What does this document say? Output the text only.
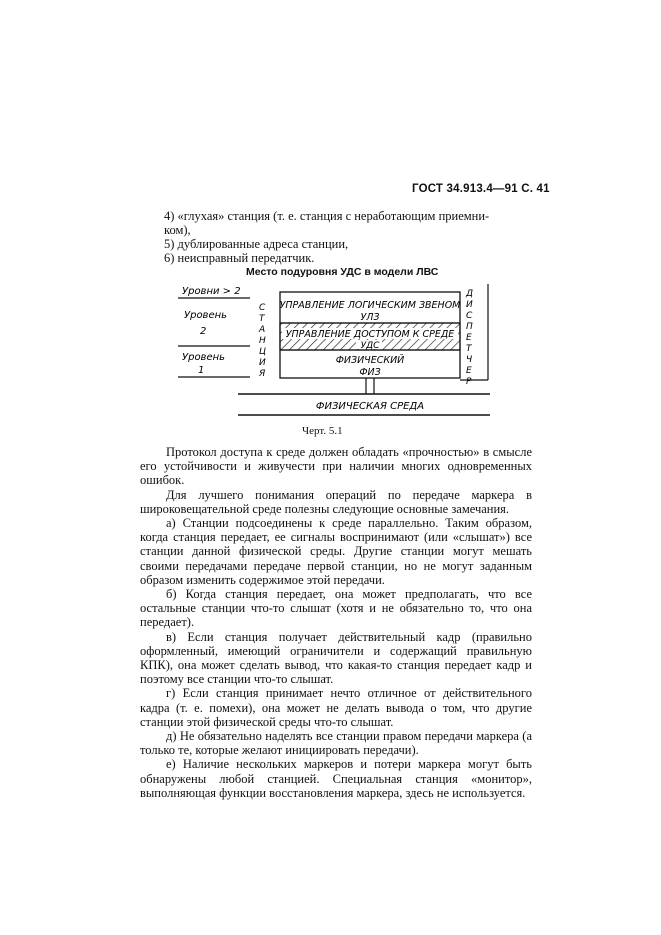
ГОСТ 34.913.4—91 С. 41
4) «глухая» станция (т. е. станция с неработающим приемни-
ком),
5) дублированные адреса станции,
6) неисправный передатчик.
Место подуровня УДС в модели ЛВС
Уровни > 2
Уровень
2
Уровень
1
С
Т
А
Н
Ц
И
Я
УПРАВЛЕНИЕ ЛОГИЧЕСКИМ ЗВЕНОМ
УЛЗ
УПРАВЛЕНИЕ ДОСТУПОМ К СРЕДЕ
УДС
ФИЗИЧЕСКИЙ
ФИЗ
Д
И
С
П
Е
Т
Ч
Е
Р
ФИЗИЧЕСКАЯ СРЕДА
Черт. 5.1

Протокол доступа к среде должен обладать «прочностью» в смысле его устойчивости и живучести при наличии многих одновременных ошибок.

Для лучшего понимания операций по передаче маркера в широковещательной среде полезны следующие основные замечания.

а) Станции подсоединены к среде параллельно. Таким образом, когда станция передает, ее сигналы воспринимают (или «слышат») все станции данной физической среды. Другие станции могут мешать своими передачами передаче первой станции, но не могут заданным образом изменить содержимое этой передачи.

б) Когда станция передает, она может предполагать, что все остальные станции что-то слышат (хотя и не обязательно то, что она передает).

в) Если станция получает действительный кадр (правильно оформленный, имеющий ограничители и содержащий правильную КПК), она может сделать вывод, что какая-то станция передает кадр и поэтому все станции что-то слышат.

г) Если станция принимает нечто отличное от действительного кадра (т. е. помехи), она может не делать вывода о том, что другие станции этой физической среды что-то слышат.

д) Не обязательно наделять все станции правом передачи маркера (а только те, которые желают инициировать передачи).

е) Наличие нескольких маркеров и потери маркера могут быть обнаружены любой станцией. Специальная станция «монитор», выполняющая функции восстановления маркера, здесь не используется.
